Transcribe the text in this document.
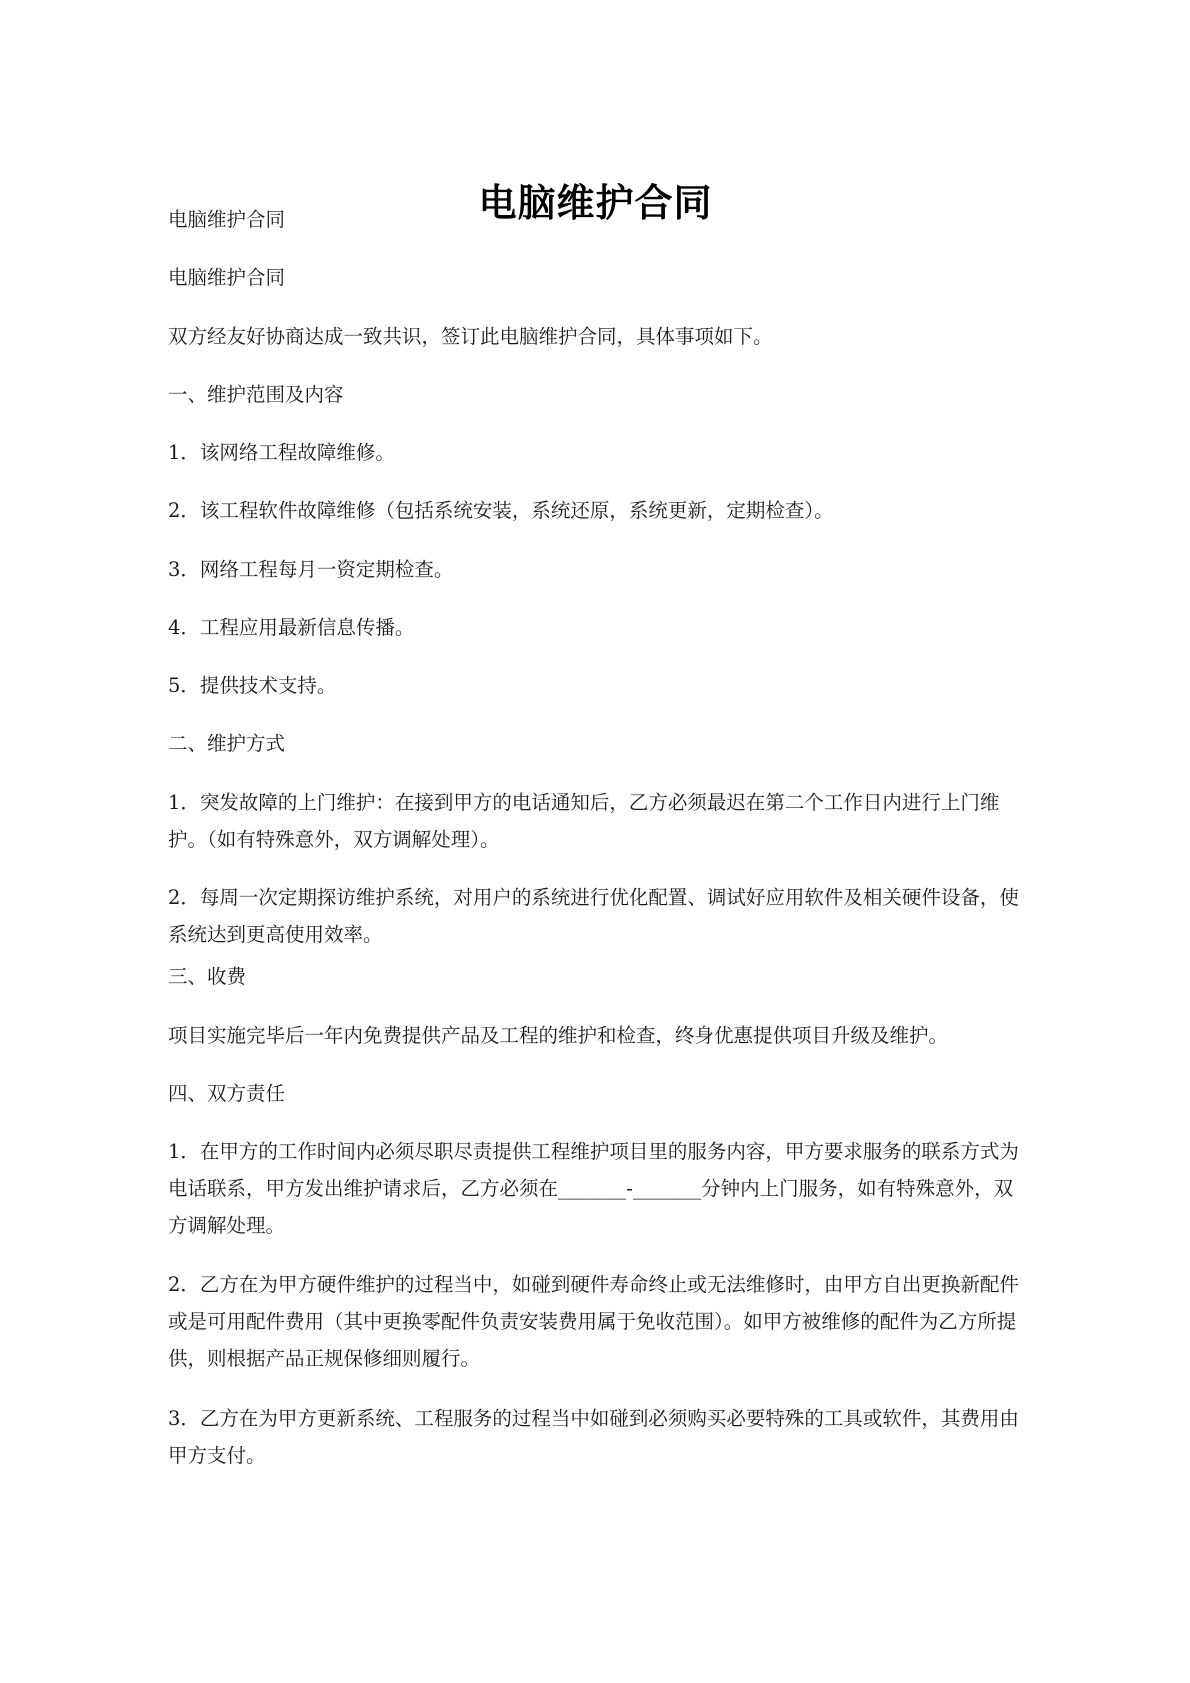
电脑维护合同

电脑维护合同

电脑维护合同

双方经友好协商达成一致共识，签订此电脑维护合同，具体事项如下。

一、维护范围及内容

1．该网络工程故障维修。

2．该工程软件故障维修（包括系统安装，系统还原，系统更新，定期检查）。

3．网络工程每月一资定期检查。

4．工程应用最新信息传播。

5．提供技术支持。

二、维护方式

1．突发故障的上门维护：在接到甲方的电话通知后，乙方必须最迟在第二个工作日内进行上门维护。（如有特殊意外，双方调解处理）。

2．每周一次定期探访维护系统，对用户的系统进行优化配置、调试好应用软件及相关硬件设备，使系统达到更高使用效率。

三、收费

项目实施完毕后一年内免费提供产品及工程的维护和检查，终身优惠提供项目升级及维护。

四、双方责任

1．在甲方的工作时间内必须尽职尽责提供工程维护项目里的服务内容，甲方要求服务的联系方式为电话联系，甲方发出维护请求后，乙方必须在_______-_______分钟内上门服务，如有特殊意外，双方调解处理。

2．乙方在为甲方硬件维护的过程当中，如碰到硬件寿命终止或无法维修时，由甲方自出更换新配件或是可用配件费用（其中更换零配件负责安装费用属于免收范围）。如甲方被维修的配件为乙方所提供，则根据产品正规保修细则履行。

3．乙方在为甲方更新系统、工程服务的过程当中如碰到必须购买必要特殊的工具或软件，其费用由甲方支付。
